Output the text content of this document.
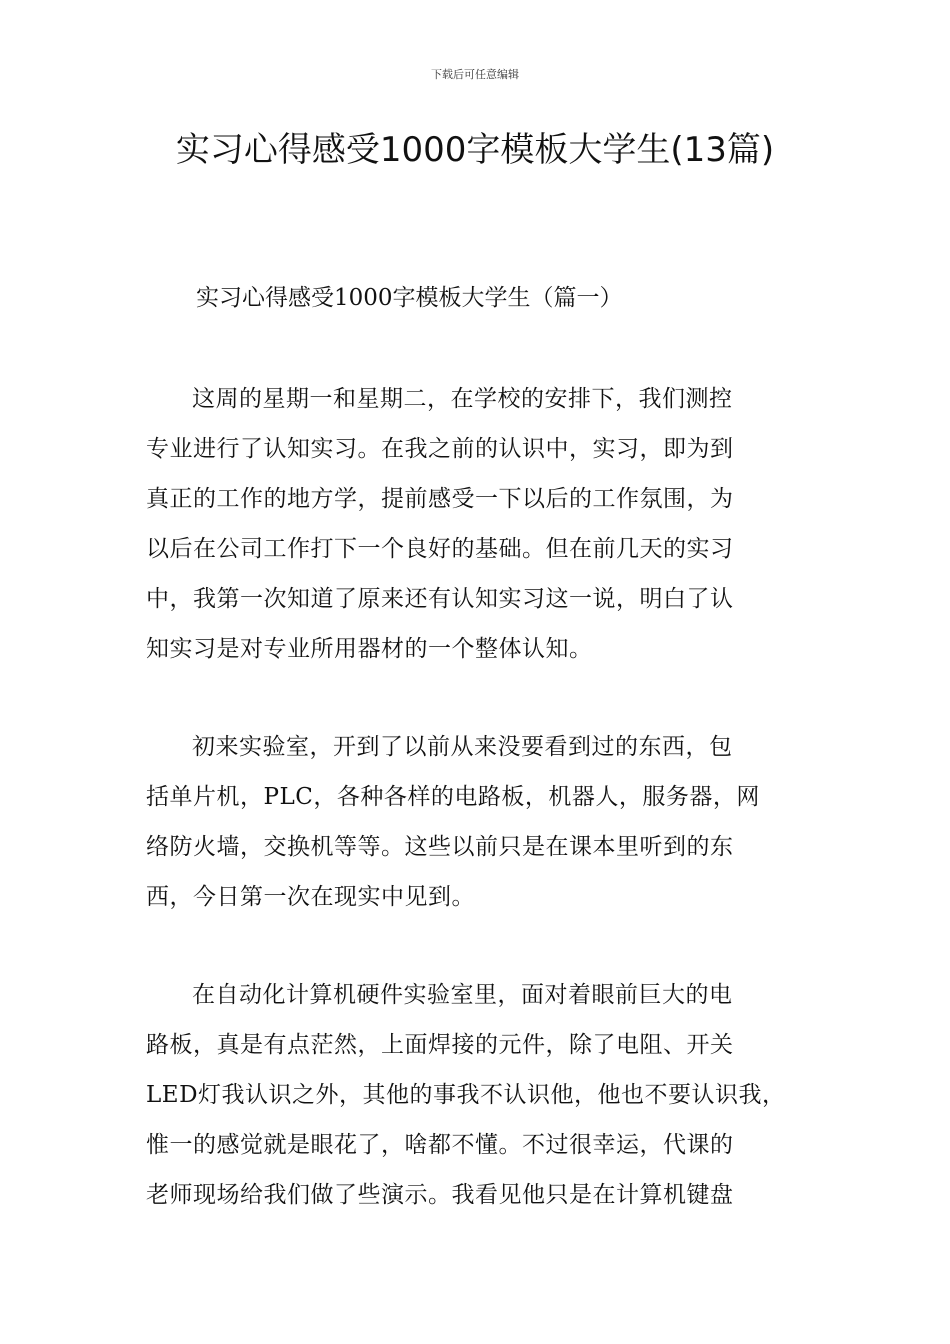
下载后可任意编辑
实习心得感受1000字模板大学生(13篇)
实习心得感受1000字模板大学生（篇一）
这周的星期一和星期二，在学校的安排下，我们测控
专业进行了认知实习。在我之前的认识中，实习，即为到
真正的工作的地方学，提前感受一下以后的工作氛围，为
以后在公司工作打下一个良好的基础。但在前几天的实习
中，我第一次知道了原来还有认知实习这一说，明白了认
知实习是对专业所用器材的一个整体认知。
初来实验室，开到了以前从来没要看到过的东西，包
括单片机，PLC，各种各样的电路板，机器人，服务器，网
络防火墙，交换机等等。这些以前只是在课本里听到的东
西，今日第一次在现实中见到。
在自动化计算机硬件实验室里，面对着眼前巨大的电
路板，真是有点茫然，上面焊接的元件，除了电阻、开关
LED灯我认识之外，其他的事我不认识他，他也不要认识我，
惟一的感觉就是眼花了，啥都不懂。不过很幸运，代课的
老师现场给我们做了些演示。我看见他只是在计算机键盘
